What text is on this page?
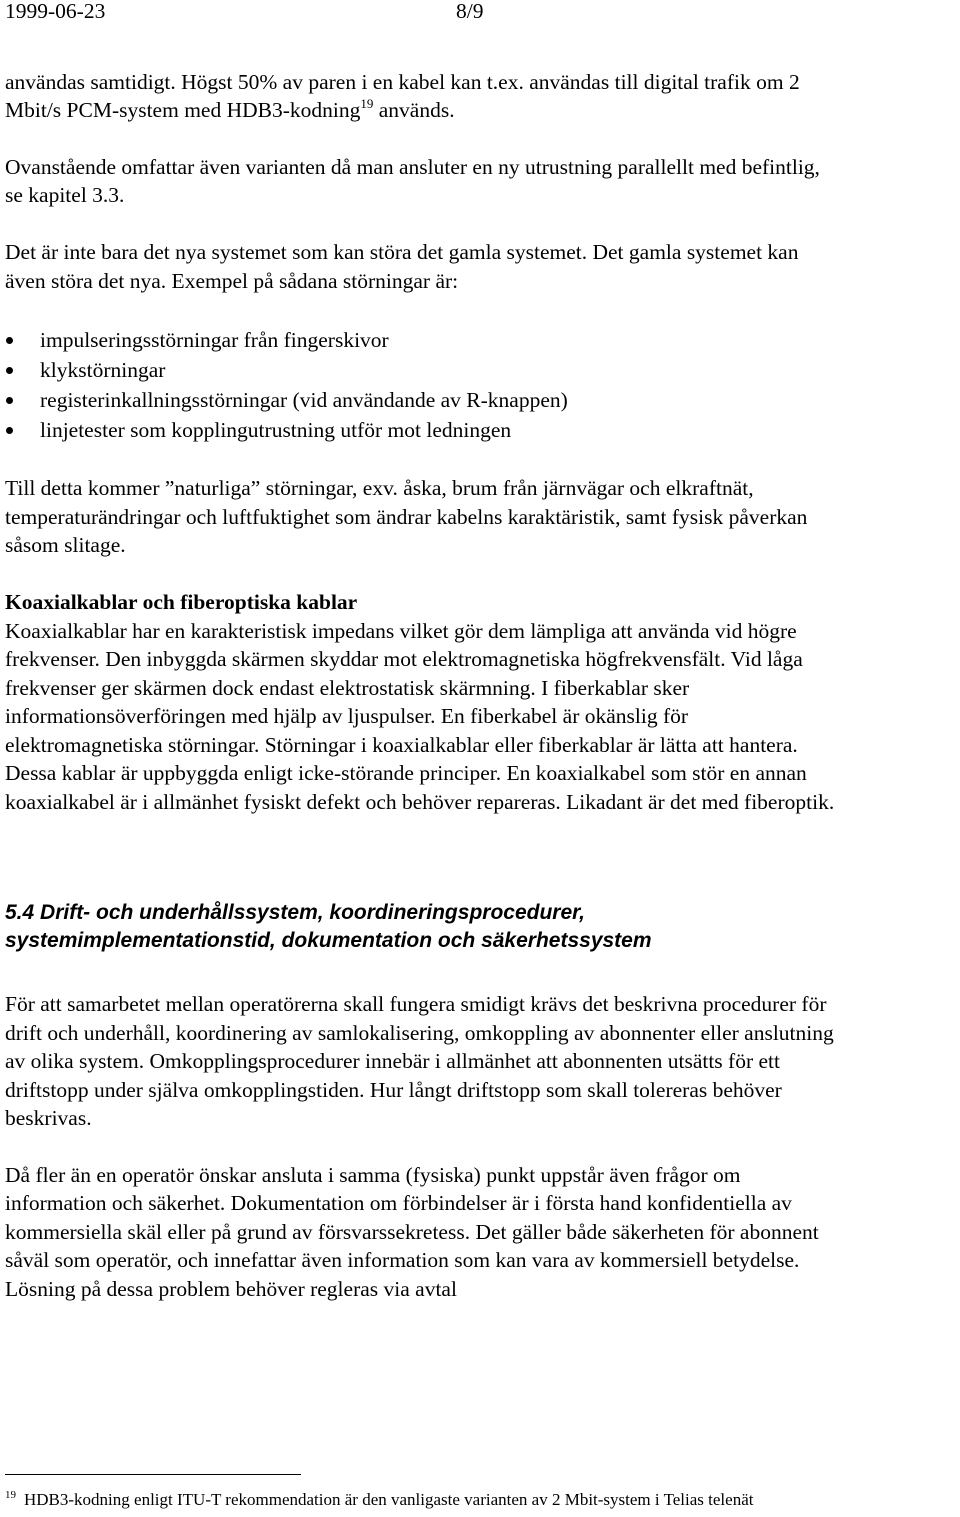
1999-06-23	8/9
användas samtidigt. Högst 50% av paren i en kabel kan t.ex. användas till digital trafik om 2
Mbit/s PCM-system med HDB3-kodning$^{19}$ används.
Ovanstående omfattar även varianten då man ansluter en ny utrustning parallellt med befintlig,
se kapitel 3.3.
Det är inte bara det nya systemet som kan störa det gamla systemet. Det gamla systemet kan
även störa det nya. Exempel på sådana störningar är:
impulseringsstörningar från fingerskivor
klykstörningar
registerinkallningsstörningar (vid användande av R-knappen)
linjetester som kopplingutrustning utför mot ledningen
Till detta kommer ”naturliga” störningar, exv. åska, brum från järnvägar och elkraftnät,
temperaturändringar och luftfuktighet som ändrar kabelns karaktäristik, samt fysisk påverkan
såsom slitage.
Koaxialkablar och fiberoptiska kablar
Koaxialkablar har en karakteristisk impedans vilket gör dem lämpliga att använda vid högre
frekvenser. Den inbyggda skärmen skyddar mot elektromagnetiska högfrekvensfält. Vid låga
frekvenser ger skärmen dock endast elektrostatisk skärmning. I fiberkablar sker
informationsöverföringen med hjälp av ljuspulser. En fiberkabel är okänslig för
elektromagnetiska störningar. Störningar i koaxialkablar eller fiberkablar är lätta att hantera.
Dessa kablar är uppbyggda enligt icke-störande principer. En koaxialkabel som stör en annan
koaxialkabel är i allmänhet fysiskt defekt och behöver repareras. Likadant är det med fiberoptik.
5.4 Drift- och underhållssystem, koordineringsprocedurer,
systemimplementationstid, dokumentation och säkerhetssystem
För att samarbetet mellan operatörerna skall fungera smidigt krävs det beskrivna procedurer för
drift och underhåll, koordinering av samlokalisering, omkoppling av abonnenter eller anslutning
av olika system. Omkopplingsprocedurer innebär i allmänhet att abonnenten utsätts för ett
driftstopp under själva omkopplingstiden. Hur långt driftstopp som skall tolereras behöver
beskrivas.
Då fler än en operatör önskar ansluta i samma (fysiska) punkt uppstår även frågor om
information och säkerhet. Dokumentation om förbindelser är i första hand konfidentiella av
kommersiella skäl eller på grund av försvarssekretess. Det gäller både säkerheten för abonnent
såväl som operatör, och innefattar även information som kan vara av kommersiell betydelse.
Lösning på dessa problem behöver regleras via avtal
$^{19}$ HDB3-kodning enligt ITU-T rekommendation är den vanligaste varianten av 2 Mbit-system i Telias telenät
